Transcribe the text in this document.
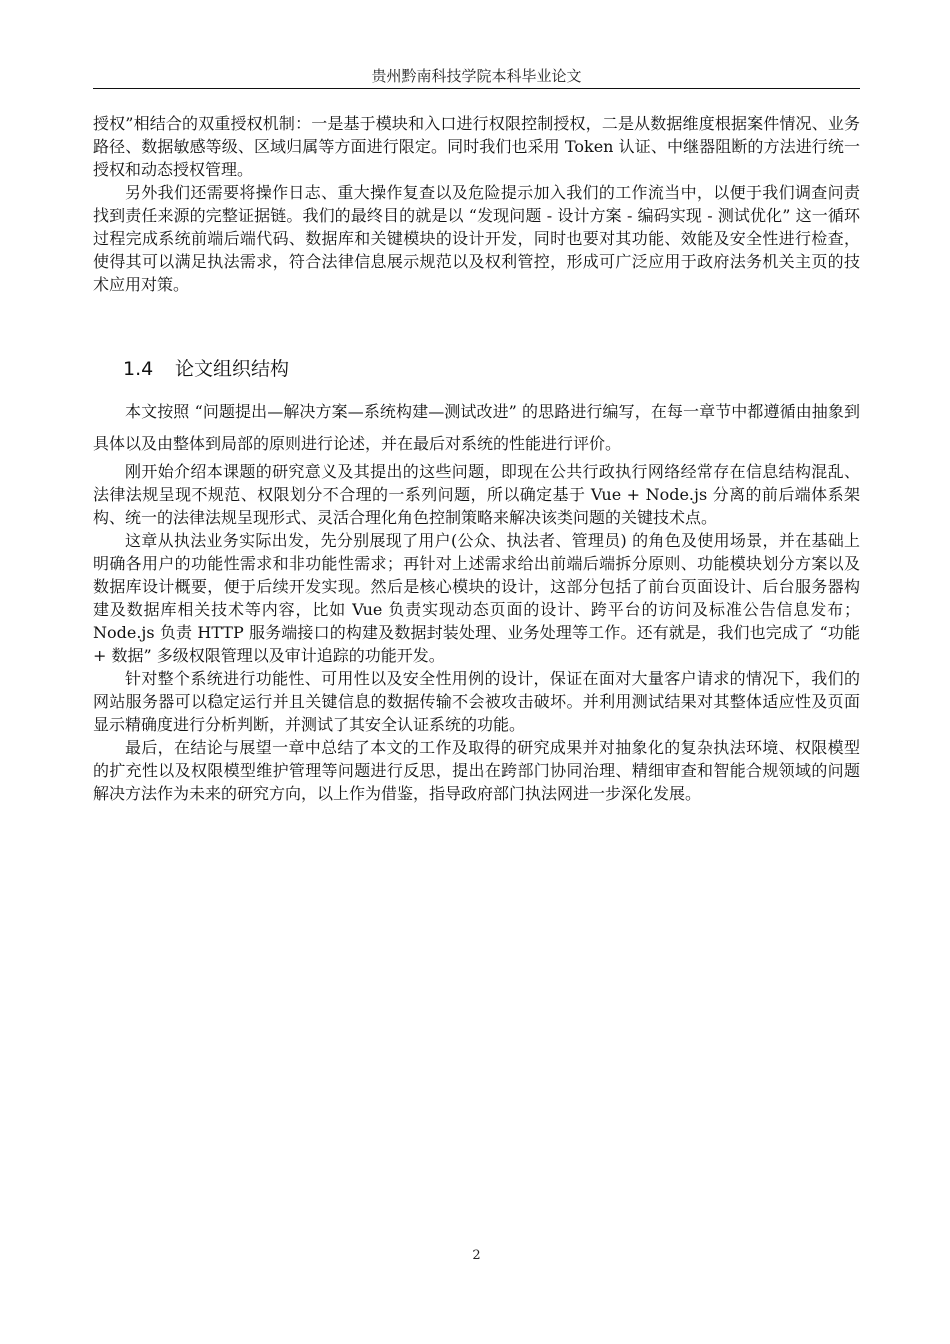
贵州黔南科技学院本科毕业论文

授权”相结合的双重授权机制：一是基于模块和入口进行权限控制授权，二是从数据维度根据案件情况、业务路径、数据敏感等级、区域归属等方面进行限定。同时我们也采用 Token 认证、中继器阻断的方法进行统一授权和动态授权管理。

另外我们还需要将操作日志、重大操作复查以及危险提示加入我们的工作流当中，以便于我们调查问责找到责任来源的完整证据链。我们的最终目的就是以 “发现问题 - 设计方案 - 编码实现 - 测试优化” 这一循环过程完成系统前端后端代码、数据库和关键模块的设计开发，同时也要对其功能、效能及安全性进行检查，使得其可以满足执法需求，符合法律信息展示规范以及权利管控，形成可广泛应用于政府法务机关主页的技术应用对策。

1.4 论文组织结构

本文按照 “问题提出—解决方案—系统构建—测试改进” 的思路进行编写，在每一章节中都遵循由抽象到具体以及由整体到局部的原则进行论述，并在最后对系统的性能进行评价。

刚开始介绍本课题的研究意义及其提出的这些问题，即现在公共行政执行网络经常存在信息结构混乱、法律法规呈现不规范、权限划分不合理的一系列问题，所以确定基于 Vue + Node.js 分离的前后端体系架构、统一的法律法规呈现形式、灵活合理化角色控制策略来解决该类问题的关键技术点。

这章从执法业务实际出发，先分别展现了用户(公众、执法者、管理员) 的角色及使用场景，并在基础上明确各用户的功能性需求和非功能性需求；再针对上述需求给出前端后端拆分原则、功能模块划分方案以及数据库设计概要，便于后续开发实现。然后是核心模块的设计，这部分包括了前台页面设计、后台服务器构建及数据库相关技术等内容，比如 Vue 负责实现动态页面的设计、跨平台的访问及标准公告信息发布；Node.js 负责 HTTP 服务端接口的构建及数据封装处理、业务处理等工作。还有就是，我们也完成了 “功能 + 数据” 多级权限管理以及审计追踪的功能开发。

针对整个系统进行功能性、可用性以及安全性用例的设计，保证在面对大量客户请求的情况下，我们的网站服务器可以稳定运行并且关键信息的数据传输不会被攻击破坏。并利用测试结果对其整体适应性及页面显示精确度进行分析判断，并测试了其安全认证系统的功能。

最后，在结论与展望一章中总结了本文的工作及取得的研究成果并对抽象化的复杂执法环境、权限模型的扩充性以及权限模型维护管理等问题进行反思，提出在跨部门协同治理、精细审查和智能合规领域的问题解决方法作为未来的研究方向，以上作为借鉴，指导政府部门执法网进一步深化发展。

2
